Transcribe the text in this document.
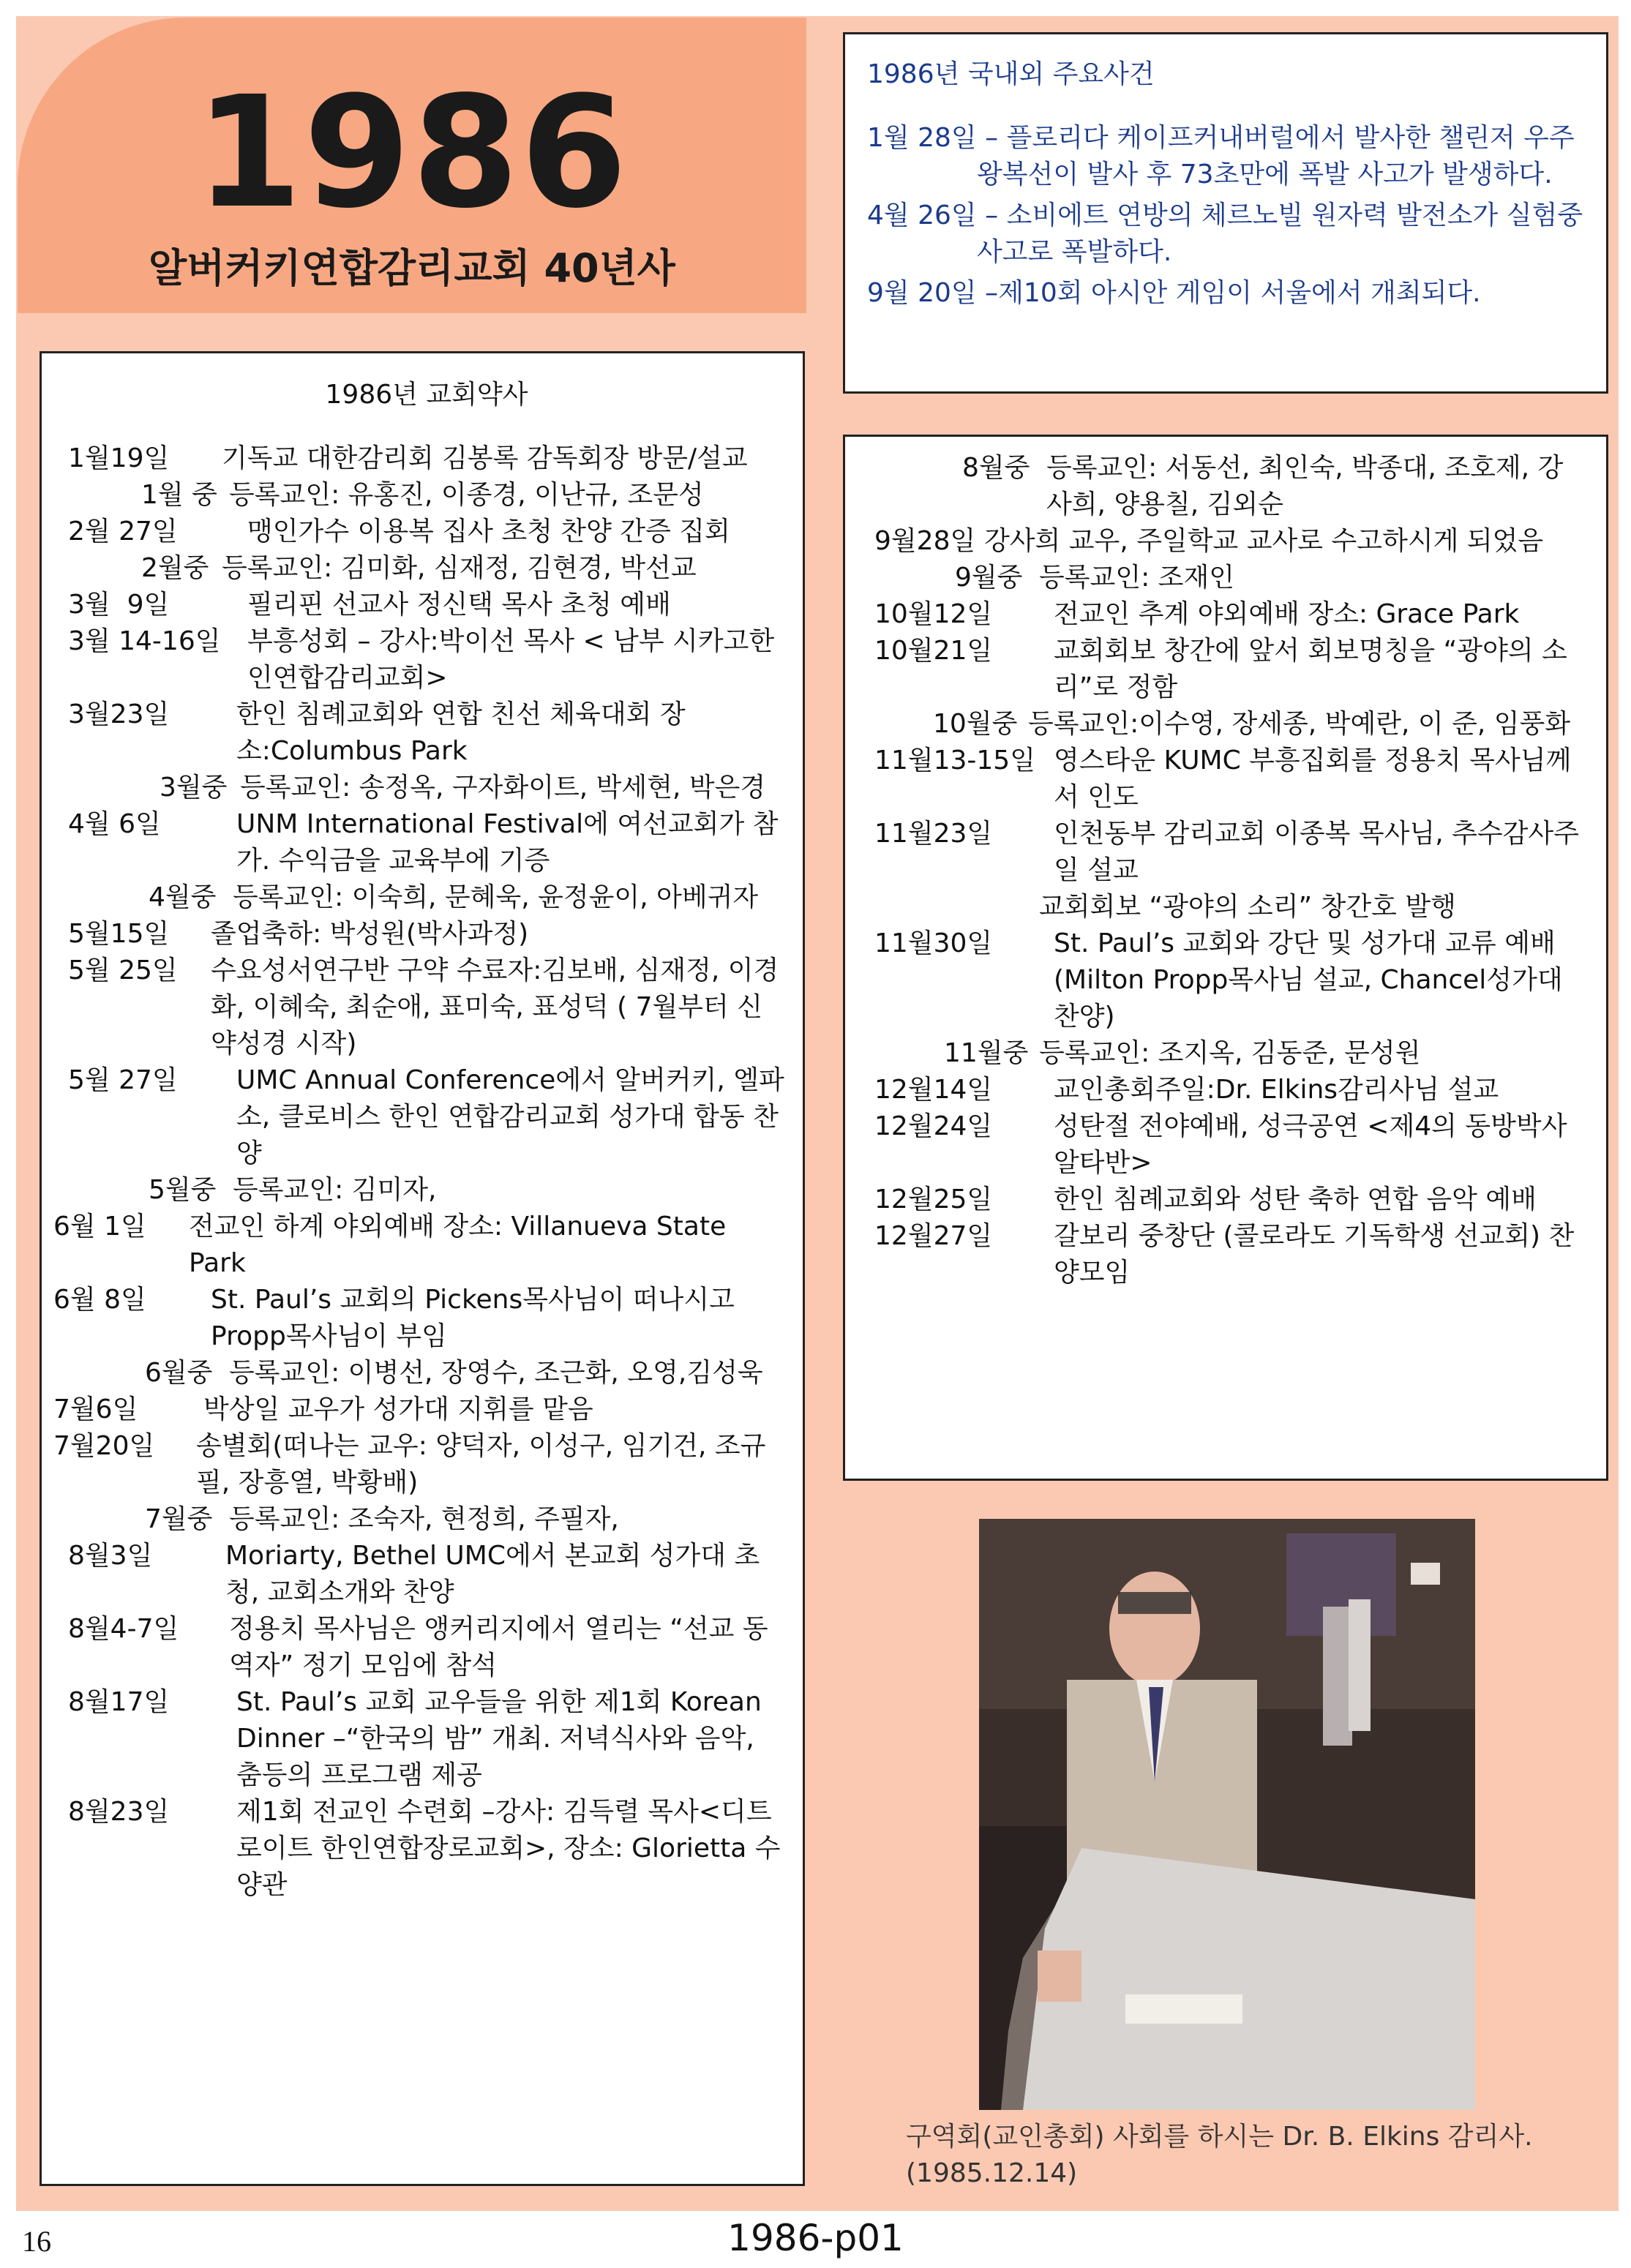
1986
알버커키연합감리교회 40년사
1986년 국내외 주요사건
1월 28일 – 플로리다 케이프커내버럴에서 발사한 챌린저 우주왕복선이 발사 후 73초만에 폭발 사고가 발생하다.
4월 26일 – 소비에트 연방의 체르노빌 원자력 발전소가 실험중 사고로 폭발하다.
9월 20일 –제10회 아시안 게임이 서울에서 개최되다.
1986년 교회약사
1월19일	기독교 대한감리회 김봉록 감독회장 방문/설교
1월 중 등록교인: 유홍진, 이종경, 이난규, 조문성
2월 27일	맹인가수 이용복 집사 초청 찬양 간증 집회
2월중 등록교인: 김미화, 심재정, 김현경, 박선교
3월  9일	필리핀 선교사 정신택 목사 초청 예배
3월 14-16일	부흥성회 – 강사:박이선 목사 < 남부 시카고한인연합감리교회>
3월23일	한인 침례교회와 연합 친선 체육대회 장소:Columbus Park
3월중 등록교인: 송정옥, 구자화이트, 박세현, 박은경
4월 6일	UNM International Festival에 여선교회가 참가. 수익금을 교육부에 기증
4월중 등록교인: 이숙희, 문혜욱, 윤정윤이, 아베귀자
5월15일	졸업축하: 박성원(박사과정)
5월 25일	수요성서연구반 구약 수료자:김보배, 심재정, 이경화, 이혜숙, 최순애, 표미숙, 표성덕 ( 7월부터 신약성경 시작)
5월 27일	UMC Annual Conference에서 알버커키, 엘파소, 클로비스 한인 연합감리교회 성가대 합동 찬양
5월중 등록교인: 김미자,
6월 1일	전교인 하계 야외예배 장소: Villanueva State Park
6월 8일	St. Paul’s 교회의 Pickens목사님이 떠나시고 Propp목사님이 부임
6월중 등록교인: 이병선, 장영수, 조근화, 오영,김성욱
7월6일	박상일 교우가 성가대 지휘를 맡음
7월20일	송별회(떠나는 교우: 양덕자, 이성구, 임기건, 조규필, 장흥열, 박황배)
7월중 등록교인: 조숙자, 현정희, 주필자,
8월3일	Moriarty, Bethel UMC에서 본교회 성가대 초청, 교회소개와 찬양
8월4-7일	정용치 목사님은 앵커리지에서 열리는 “선교 동역자” 정기 모임에 참석
8월17일	St. Paul’s 교회 교우들을 위한 제1회 Korean Dinner –“한국의 밤” 개최. 저녁식사와 음악, 춤등의 프로그램 제공
8월23일	제1회 전교인 수련회 –강사: 김득렬 목사<디트로이트 한인연합장로교회>, 장소: Glorietta 수양관
8월중 등록교인: 서동선, 최인숙, 박종대, 조호제, 강사희, 양용칠, 김외순
9월28일 강사희 교우, 주일학교 교사로 수고하시게 되었음
9월중 등록교인: 조재인
10월12일	전교인 추계 야외예배 장소: Grace Park
10월21일	교회회보 창간에 앞서 회보명칭을 “광야의 소리”로 정함
10월중 등록교인:이수영, 장세종, 박예란, 이 준, 임풍화
11월13-15일 영스타운 KUMC 부흥집회를 정용치 목사님께서 인도
11월23일	인천동부 감리교회 이종복 목사님, 추수감사주일 설교
교회회보 “광야의 소리” 창간호 발행
11월30일	St. Paul’s 교회와 강단 및 성가대 교류 예배(Milton Propp목사님 설교, Chancel성가대 찬양)
11월중 등록교인: 조지옥, 김동준, 문성원
12월14일	교인총회주일:Dr. Elkins감리사님 설교
12월24일	성탄절 전야예배, 성극공연 <제4의 동방박사 알타반>
12월25일	한인 침례교회와 성탄 축하 연합 음악 예배
12월27일	갈보리 중창단 (콜로라도 기독학생 선교회) 찬양모임
구역회(교인총회) 사회를 하시는 Dr. B. Elkins 감리사. (1985.12.14)
16	1986-p01
